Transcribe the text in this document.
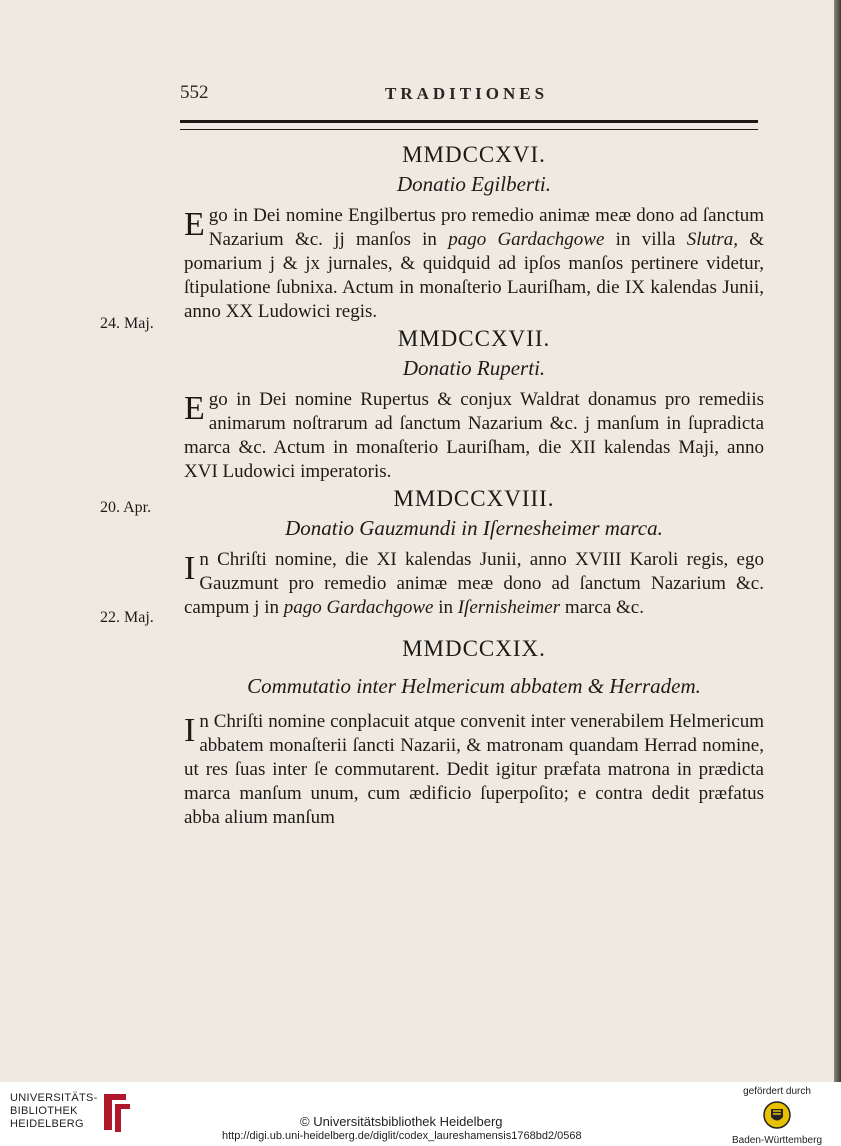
552	TRADITIONES
24. Maj.
20. Apr.
22. Maj.
MMDCCXVI.
Donatio Egilberti.
Ego in Dei nomine Engilbertus pro remedio animæ meæ dono ad ſanctum Nazarium &c. jj manſos in pago Gardachgowe in villa Slutra, & pomarium j & jx jurnales, & quidquid ad ipſos manſos pertinere videtur, ſtipulatione ſubnixa. Actum in monaſterio Lauriſham, die IX kalendas Junii, anno XX Ludowici regis.
MMDCCXVII.
Donatio Ruperti.
Ego in Dei nomine Rupertus & conjux Waldrat donamus pro remediis animarum noſtrarum ad ſanctum Nazarium &c. j manſum in ſupradicta marca &c. Actum in monaſterio Lauriſham, die XII kalendas Maji, anno XVI Ludowici imperatoris.
MMDCCXVIII.
Donatio Gauzmundi in Iſernesheimer marca.
In Chriſti nomine, die XI kalendas Junii, anno XVIII Karoli regis, ego Gauzmunt pro remedio animæ meæ dono ad ſanctum Nazarium &c. campum j in pago Gardachgowe in Iſernisheimer marca &c.
MMDCCXIX.
Commutatio inter Helmericum abbatem & Herradem.
In Chriſti nomine conplacuit atque convenit inter venerabilem Helmericum abbatem monaſterii ſancti Nazarii, & matronam quandam Herrad nomine, ut res ſuas inter ſe commutarent. Dedit igitur præfata matrona in prædicta marca manſum unum, cum ædificio ſuperpoſito; e contra dedit præfatus abba alium manſum
UNIVERSITÄTS-
BIBLIOTHEK
HEIDELBERG	© Universitätsbibliothek Heidelberg
http://digi.ub.uni-heidelberg.de/diglit/codex_laureshamensis1768bd2/0568
gefördert durch
Baden-Württemberg
